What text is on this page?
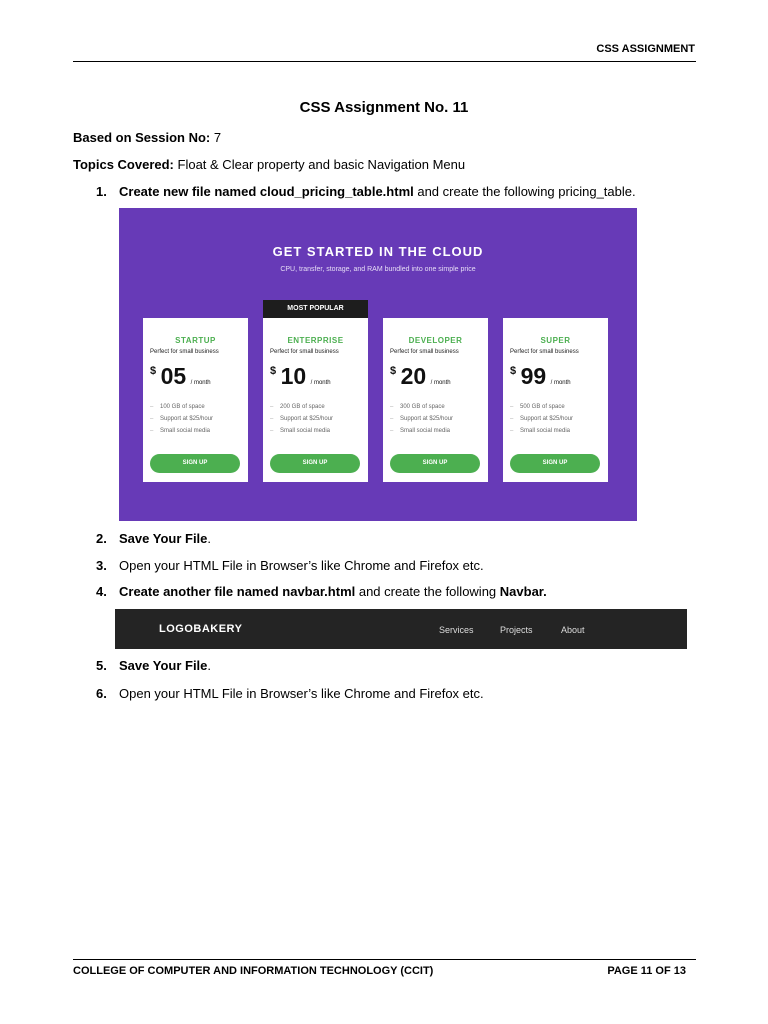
CSS ASSIGNMENT
CSS Assignment No. 11
Based on Session No: 7
Topics Covered: Float & Clear property and basic Navigation Menu
1. Create new file named cloud_pricing_table.html and create the following pricing_table.
GET STARTED IN THE CLOUD
CPU, transfer, storage, and RAM bundled into one simple price
MOST POPULAR
STARTUP
Perfect for small business
$ 05 / month
– 100 GB of space
– Support at $25/hour
– Small social media
SIGN UP
ENTERPRISE
Perfect for small business
$ 10 / month
– 200 GB of space
– Support at $25/hour
– Small social media
SIGN UP
DEVELOPER
Perfect for small business
$ 20 / month
– 300 GB of space
– Support at $25/hour
– Small social media
SIGN UP
SUPER
Perfect for small business
$ 99 / month
– 500 GB of space
– Support at $25/hour
– Small social media
SIGN UP
2. Save Your File.
3. Open your HTML File in Browser’s like Chrome and Firefox etc.
4. Create another file named navbar.html and create the following Navbar.
LOGOBAKERY	Services	Projects	About
5. Save Your File.
6. Open your HTML File in Browser’s like Chrome and Firefox etc.
COLLEGE OF COMPUTER AND INFORMATION TECHNOLOGY (CCIT)	PAGE 11 OF 13
